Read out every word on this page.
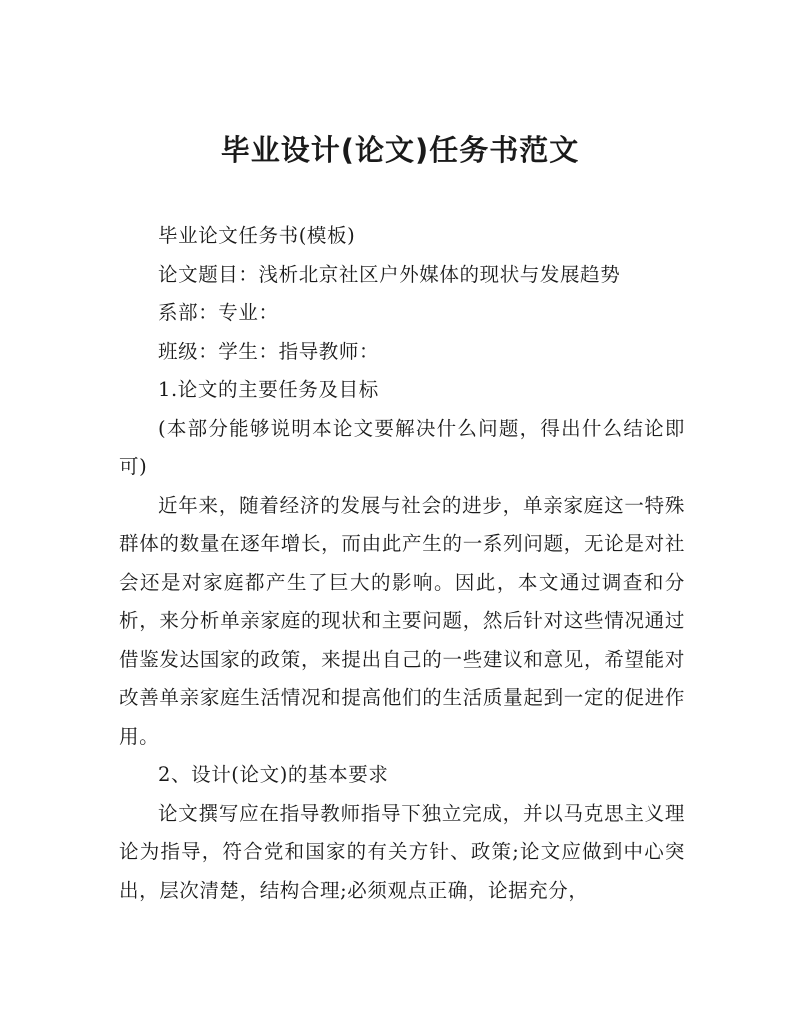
毕业设计(论文)任务书范文

毕业论文任务书(模板)

论文题目：浅析北京社区户外媒体的现状与发展趋势

系部：专业：

班级：学生：指导教师：

1.论文的主要任务及目标

(本部分能够说明本论文要解决什么问题，得出什么结论即可)

近年来，随着经济的发展与社会的进步，单亲家庭这一特殊群体的数量在逐年增长，而由此产生的一系列问题，无论是对社会还是对家庭都产生了巨大的影响。因此，本文通过调查和分析，来分析单亲家庭的现状和主要问题，然后针对这些情况通过借鉴发达国家的政策，来提出自己的一些建议和意见，希望能对改善单亲家庭生活情况和提高他们的生活质量起到一定的促进作用。

2、设计(论文)的基本要求

论文撰写应在指导教师指导下独立完成，并以马克思主义理论为指导，符合党和国家的有关方针、政策;论文应做到中心突出，层次清楚，结构合理;必须观点正确，论据充分，
